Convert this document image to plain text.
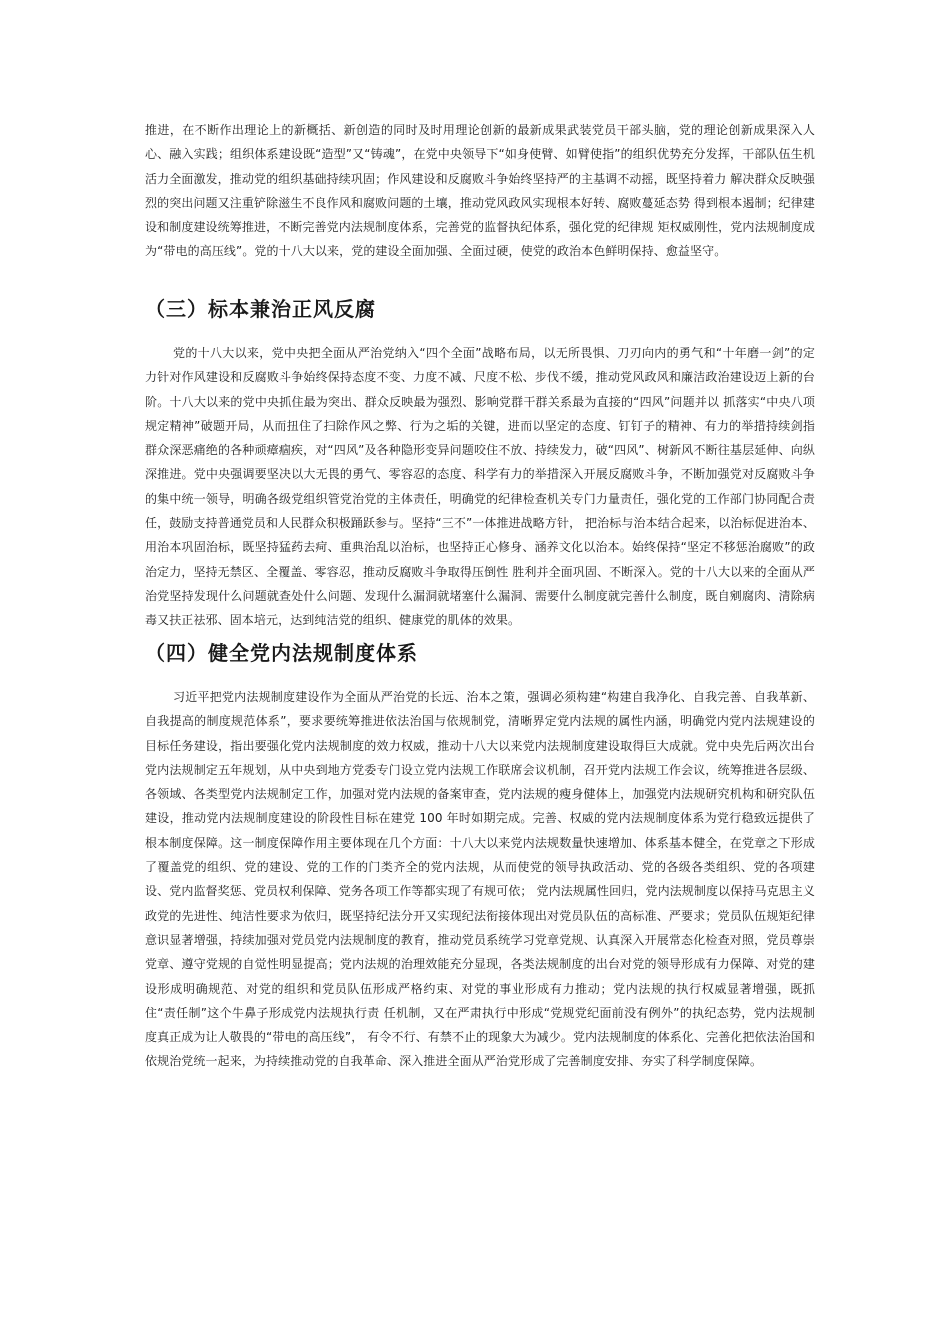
推进，在不断作出理论上的新概括、新创造的同时及时用理论创新的最新成果武装党员干部头脑，党的理论创新成果深入人心、融入实践；组织体系建设既“造型”又“铸魂”，在党中央领导下“如身使臂、如臂使指”的组织优势充分发挥，干部队伍生机活力全面激发，推动党的组织基础持续巩固；作风建设和反腐败斗争始终坚持严的主基调不动摇，既坚持着力 解决群众反映强烈的突出问题又注重铲除滋生不良作风和腐败问题的土壤，推动党风政风实现根本好转、腐败蔓延态势 得到根本遏制；纪律建设和制度建设统筹推进，不断完善党内法规制度体系，完善党的监督执纪体系，强化党的纪律规 矩权威刚性，党内法规制度成为“带电的高压线”。党的十八大以来，党的建设全面加强、全面过硬，使党的政治本色鲜明保持、愈益坚守。

（三）标本兼治正风反腐

党的十八大以来，党中央把全面从严治党纳入“四个全面”战略布局，以无所畏惧、刀刃向内的勇气和“十年磨一剑”的定力针对作风建设和反腐败斗争始终保持态度不变、力度不减、尺度不松、步伐不缓，推动党风政风和廉洁政治建设迈上新的台阶。十八大以来的党中央抓住最为突出、群众反映最为强烈、影响党群干群关系最为直接的“四风”问题并以 抓落实“中央八项规定精神”破题开局，从而扭住了扫除作风之弊、行为之垢的关键，进而以坚定的态度、钉钉子的精神、有力的举措持续剑指群众深恶痛绝的各种顽瘴痼疾，对“四风”及各种隐形变异问题咬住不放、持续发力，破“四风”、树新风不断往基层延伸、向纵深推进。党中央强调要坚决以大无畏的勇气、零容忍的态度、科学有力的举措深入开展反腐败斗争，不断加强党对反腐败斗争的集中统一领导，明确各级党组织管党治党的主体责任，明确党的纪律检查机关专门力量责任，强化党的工作部门协同配合责任，鼓励支持普通党员和人民群众积极踊跃参与。坚持“三不”一体推进战略方针， 把治标与治本结合起来，以治标促进治本、用治本巩固治标，既坚持猛药去疴、重典治乱以治标，也坚持正心修身、涵养文化以治本。始终保持“坚定不移惩治腐败”的政治定力，坚持无禁区、全覆盖、零容忍，推动反腐败斗争取得压倒性 胜利并全面巩固、不断深入。党的十八大以来的全面从严治党坚持发现什么问题就查处什么问题、发现什么漏洞就堵塞什么漏洞、需要什么制度就完善什么制度，既自剜腐肉、清除病毒又扶正祛邪、固本培元，达到纯洁党的组织、健康党的肌体的效果。

（四）健全党内法规制度体系

习近平把党内法规制度建设作为全面从严治党的长远、治本之策，强调必须构建“构建自我净化、自我完善、自我革新、自我提高的制度规范体系”，要求要统筹推进依法治国与依规制党，清晰界定党内法规的属性内涵，明确党内党内法规建设的目标任务建设，指出要强化党内法规制度的效力权威，推动十八大以来党内法规制度建设取得巨大成就。党中央先后两次出台党内法规制定五年规划，从中央到地方党委专门设立党内法规工作联席会议机制，召开党内法规工作会议，统筹推进各层级、各领域、各类型党内法规制定工作，加强对党内法规的备案审查，党内法规的瘦身健体上，加强党内法规研究机构和研究队伍建设，推动党内法规制度建设的阶段性目标在建党 100 年时如期完成。完善、权威的党内法规制度体系为党行稳致远提供了根本制度保障。这一制度保障作用主要体现在几个方面：十八大以来党内法规数量快速增加、体系基本健全，在党章之下形成了覆盖党的组织、党的建设、党的工作的门类齐全的党内法规，从而使党的领导执政活动、党的各级各类组织、党的各项建设、党内监督奖惩、党员权利保障、党务各项工作等都实现了有规可依； 党内法规属性回归，党内法规制度以保持马克思主义政党的先进性、纯洁性要求为依归，既坚持纪法分开又实现纪法衔接体现出对党员队伍的高标准、严要求；党员队伍规矩纪律意识显著增强，持续加强对党员党内法规制度的教育，推动党员系统学习党章党规、认真深入开展常态化检查对照，党员尊崇党章、遵守党规的自觉性明显提高；党内法规的治理效能充分显现，各类法规制度的出台对党的领导形成有力保障、对党的建设形成明确规范、对党的组织和党员队伍形成严格约束、对党的事业形成有力推动；党内法规的执行权威显著增强，既抓住“责任制”这个牛鼻子形成党内法规执行责 任机制，又在严肃执行中形成“党规党纪面前没有例外”的执纪态势，党内法规制度真正成为让人敬畏的“带电的高压线”， 有令不行、有禁不止的现象大为减少。党内法规制度的体系化、完善化把依法治国和依规治党统一起来，为持续推动党的自我革命、深入推进全面从严治党形成了完善制度安排、夯实了科学制度保障。
